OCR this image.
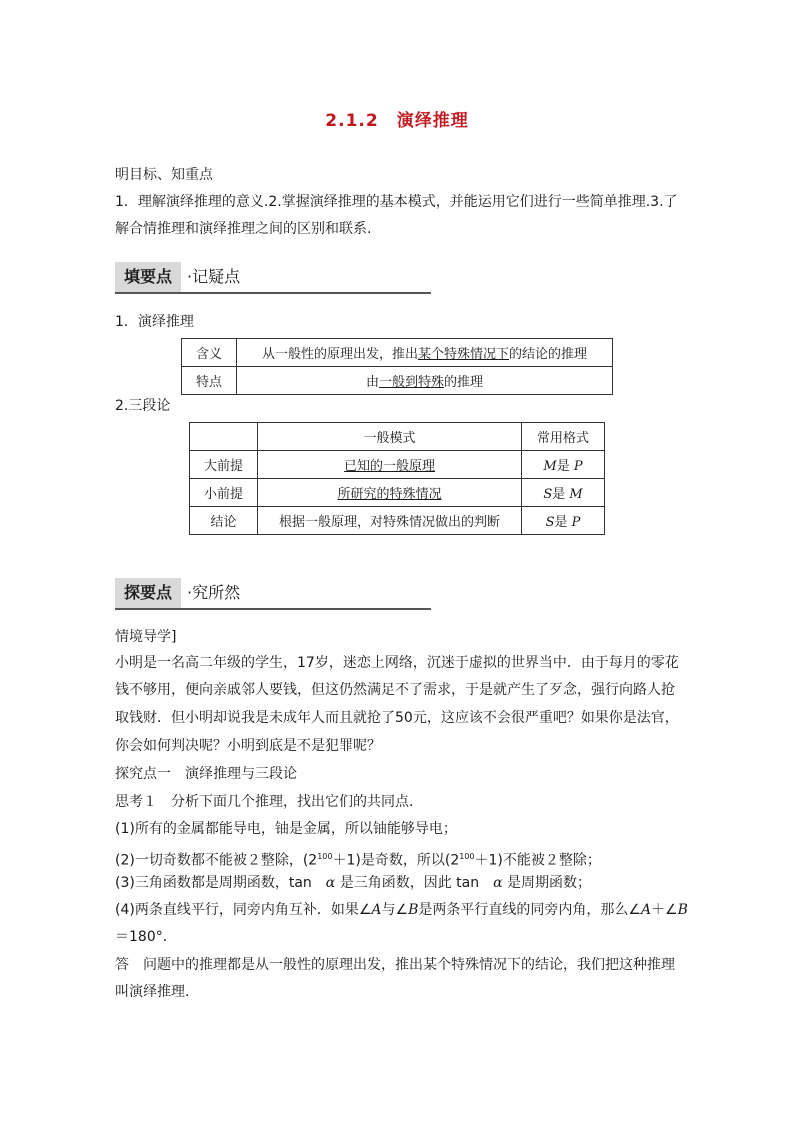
2.1.2　演绎推理
明目标、知重点
1．理解演绎推理的意义.2.掌握演绎推理的基本模式，并能运用它们进行一些简单推理.3.了
解合情推理和演绎推理之间的区别和联系.
填要点 ·记疑点
1．演绎推理
含义	从一般性的原理出发，推出某个特殊情况下的结论的推理
特点	由一般到特殊的推理
2.三段论
	一般模式	常用格式
大前提	已知的一般原理	M是 P
小前提	所研究的特殊情况	S是 M
结论	根据一般原理，对特殊情况做出的判断	S是 P
探要点 ·究所然
情境导学]
小明是一名高二年级的学生，17岁，迷恋上网络，沉迷于虚拟的世界当中．由于每月的零花
钱不够用，便向亲戚邻人要钱，但这仍然满足不了需求，于是就产生了歹念，强行向路人抢
取钱财．但小明却说我是未成年人而且就抢了50元，这应该不会很严重吧？如果你是法官，
你会如何判决呢？小明到底是不是犯罪呢？
探究点一　演绎推理与三段论
思考１　分析下面几个推理，找出它们的共同点．
(1)所有的金属都能导电，铀是金属，所以铀能够导电；
(2)一切奇数都不能被２整除，$(2^{100}+1)$是奇数，所以$(2^{100}+1)$不能被２整除；
(3)三角函数都是周期函数，tan　α 是三角函数，因此 tan　α 是周期函数；
(4)两条直线平行，同旁内角互补．如果∠A与∠B是两条平行直线的同旁内角，那么∠A＋∠B
＝180°．
答　问题中的推理都是从一般性的原理出发，推出某个特殊情况下的结论，我们把这种推理
叫演绎推理．
